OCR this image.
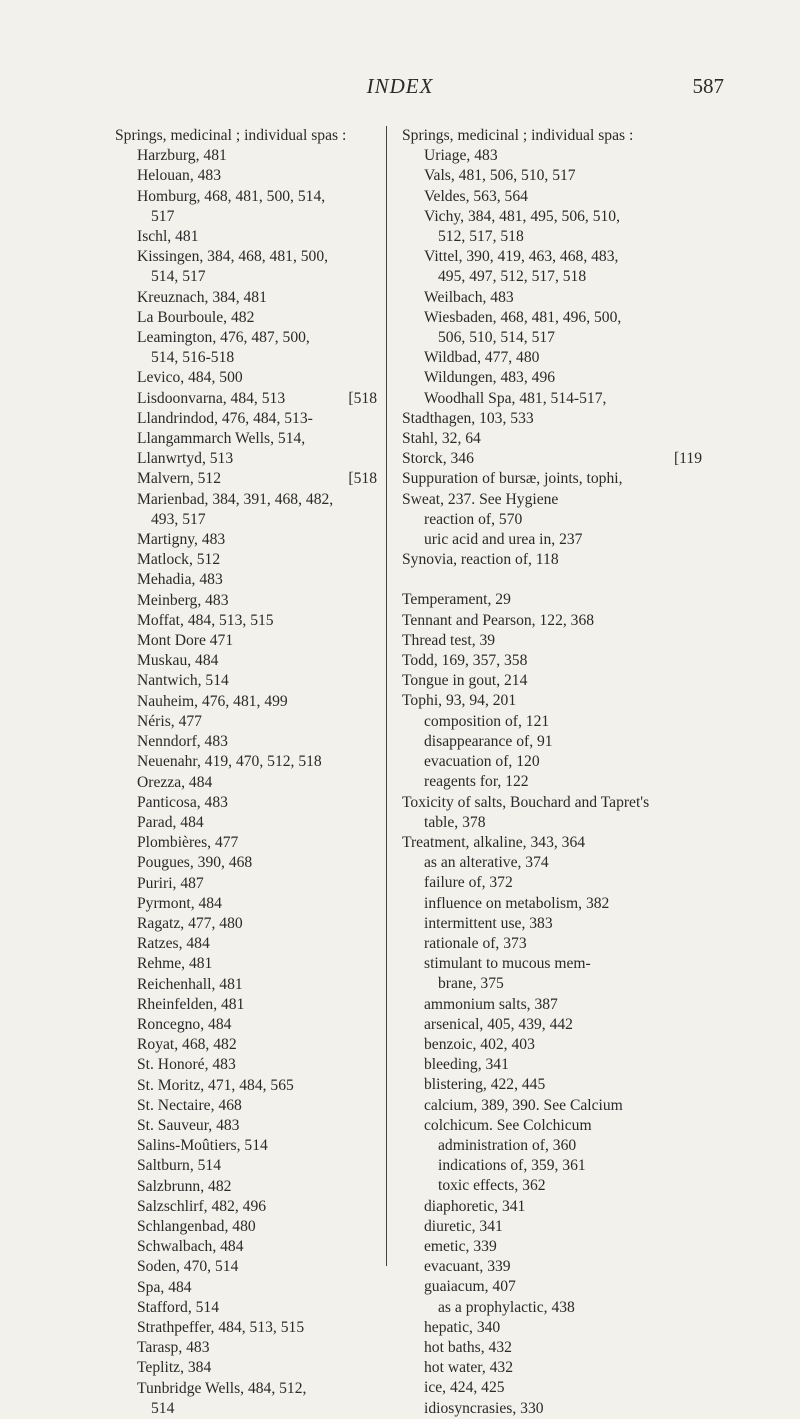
INDEX	587
Springs, medicinal ; individual spas :
Harzburg, 481
Helouan, 483
Homburg, 468, 481, 500, 514,
517
Ischl, 481
Kissingen, 384, 468, 481, 500,
514, 517
Kreuznach, 384, 481
La Bourboule, 482
Leamington, 476, 487, 500,
514, 516-518
Levico, 484, 500
Lisdoonvarna, 484, 513	[518
Llandrindod, 476, 484, 513-
Llangammarch Wells, 514,
Llanwrtyd, 513
Malvern, 512	[518
Marienbad, 384, 391, 468, 482,
493, 517
Martigny, 483
Matlock, 512
Mehadia, 483
Meinberg, 483
Moffat, 484, 513, 515
Mont Dore 471
Muskau, 484
Nantwich, 514
Nauheim, 476, 481, 499
Néris, 477
Nenndorf, 483
Neuenahr, 419, 470, 512, 518
Orezza, 484
Panticosa, 483
Parad, 484
Plombières, 477
Pougues, 390, 468
Puriri, 487
Pyrmont, 484
Ragatz, 477, 480
Ratzes, 484
Rehme, 481
Reichenhall, 481
Rheinfelden, 481
Roncegno, 484
Royat, 468, 482
St. Honoré, 483
St. Moritz, 471, 484, 565
St. Nectaire, 468
St. Sauveur, 483
Salins-Moûtiers, 514
Saltburn, 514
Salzbrunn, 482
Salzschlirf, 482, 496
Schlangenbad, 480
Schwalbach, 484
Soden, 470, 514
Spa, 484
Stafford, 514
Strathpeffer, 484, 513, 515
Tarasp, 483
Teplitz, 384
Tunbridge Wells, 484, 512,
514
Springs, medicinal ; individual spas :
Uriage, 483
Vals, 481, 506, 510, 517
Veldes, 563, 564
Vichy, 384, 481, 495, 506, 510,
512, 517, 518
Vittel, 390, 419, 463, 468, 483,
495, 497, 512, 517, 518
Weilbach, 483
Wiesbaden, 468, 481, 496, 500,
506, 510, 514, 517
Wildbad, 477, 480
Wildungen, 483, 496
Woodhall Spa, 481, 514-517,
Stadthagen, 103, 533
Stahl, 32, 64
Storck, 346	[119
Suppuration of bursæ, joints, tophi,
Sweat, 237. See Hygiene
reaction of, 570
uric acid and urea in, 237
Synovia, reaction of, 118
Temperament, 29
Tennant and Pearson, 122, 368
Thread test, 39
Todd, 169, 357, 358
Tongue in gout, 214
Tophi, 93, 94, 201
composition of, 121
disappearance of, 91
evacuation of, 120
reagents for, 122
Toxicity of salts, Bouchard and Tapret's
table, 378
Treatment, alkaline, 343, 364
as an alterative, 374
failure of, 372
influence on metabolism, 382
intermittent use, 383
rationale of, 373
stimulant to mucous mem-
brane, 375
ammonium salts, 387
arsenical, 405, 439, 442
benzoic, 402, 403
bleeding, 341
blistering, 422, 445
calcium, 389, 390. See Calcium
colchicum. See Colchicum
administration of, 360
indications of, 359, 361
toxic effects, 362
diaphoretic, 341
diuretic, 341
emetic, 339
evacuant, 339
guaiacum, 407
as a prophylactic, 438
hepatic, 340
hot baths, 432
hot water, 432
ice, 424, 425
idiosyncrasies, 330
